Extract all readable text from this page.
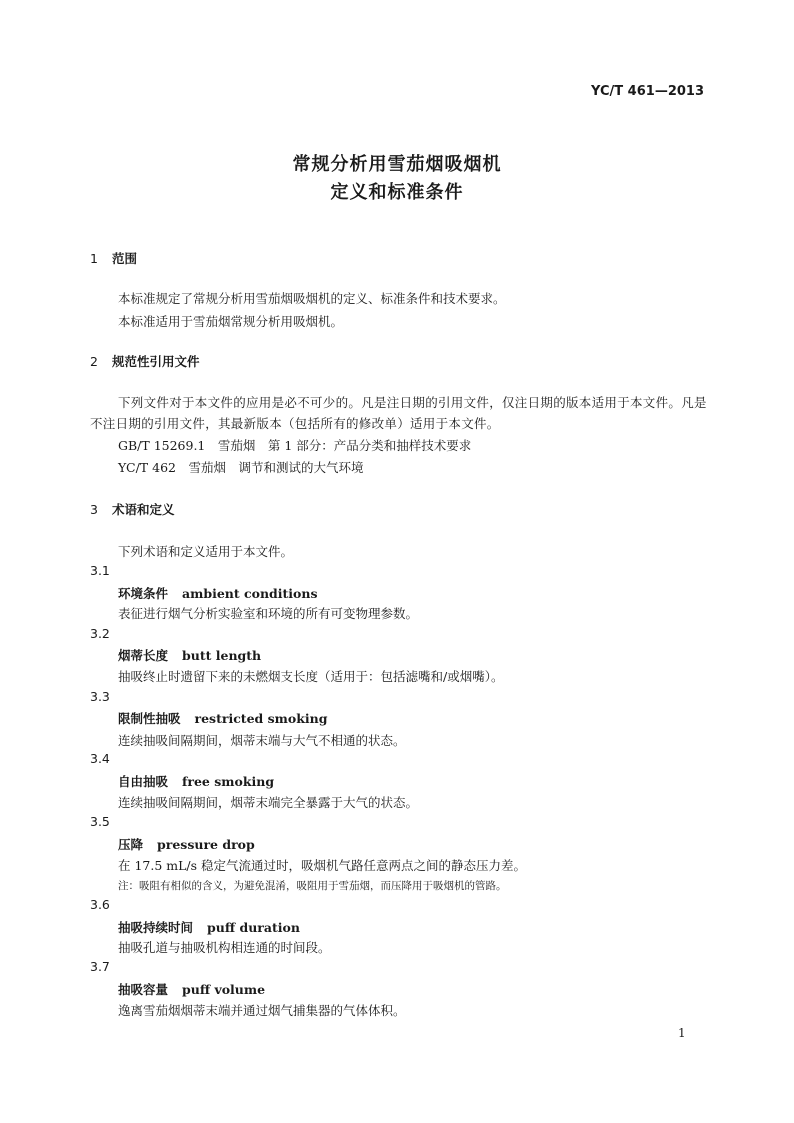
YC/T 461—2013
常规分析用雪茄烟吸烟机
定义和标准条件
1 范围
本标准规定了常规分析用雪茄烟吸烟机的定义、标准条件和技术要求。
本标准适用于雪茄烟常规分析用吸烟机。
2 规范性引用文件
下列文件对于本文件的应用是必不可少的。凡是注日期的引用文件，仅注日期的版本适用于本文件。凡是不注日期的引用文件，其最新版本（包括所有的修改单）适用于本文件。
GB/T 15269.1　雪茄烟　第 1 部分：产品分类和抽样技术要求
YC/T 462　雪茄烟　调节和测试的大气环境
3 术语和定义
下列术语和定义适用于本文件。
3.1
环境条件 ambient conditions
表征进行烟气分析实验室和环境的所有可变物理参数。
3.2
烟蒂长度 butt length
抽吸终止时遗留下来的未燃烟支长度（适用于：包括滤嘴和/或烟嘴）。
3.3
限制性抽吸 restricted smoking
连续抽吸间隔期间，烟蒂末端与大气不相通的状态。
3.4
自由抽吸 free smoking
连续抽吸间隔期间，烟蒂末端完全暴露于大气的状态。
3.5
压降 pressure drop
在 17.5 mL/s 稳定气流通过时，吸烟机气路任意两点之间的静态压力差。
注：吸阻有相似的含义，为避免混淆，吸阻用于雪茄烟，而压降用于吸烟机的管路。
3.6
抽吸持续时间 puff duration
抽吸孔道与抽吸机构相连通的时间段。
3.7
抽吸容量 puff volume
逸离雪茄烟烟蒂末端并通过烟气捕集器的气体体积。
1
